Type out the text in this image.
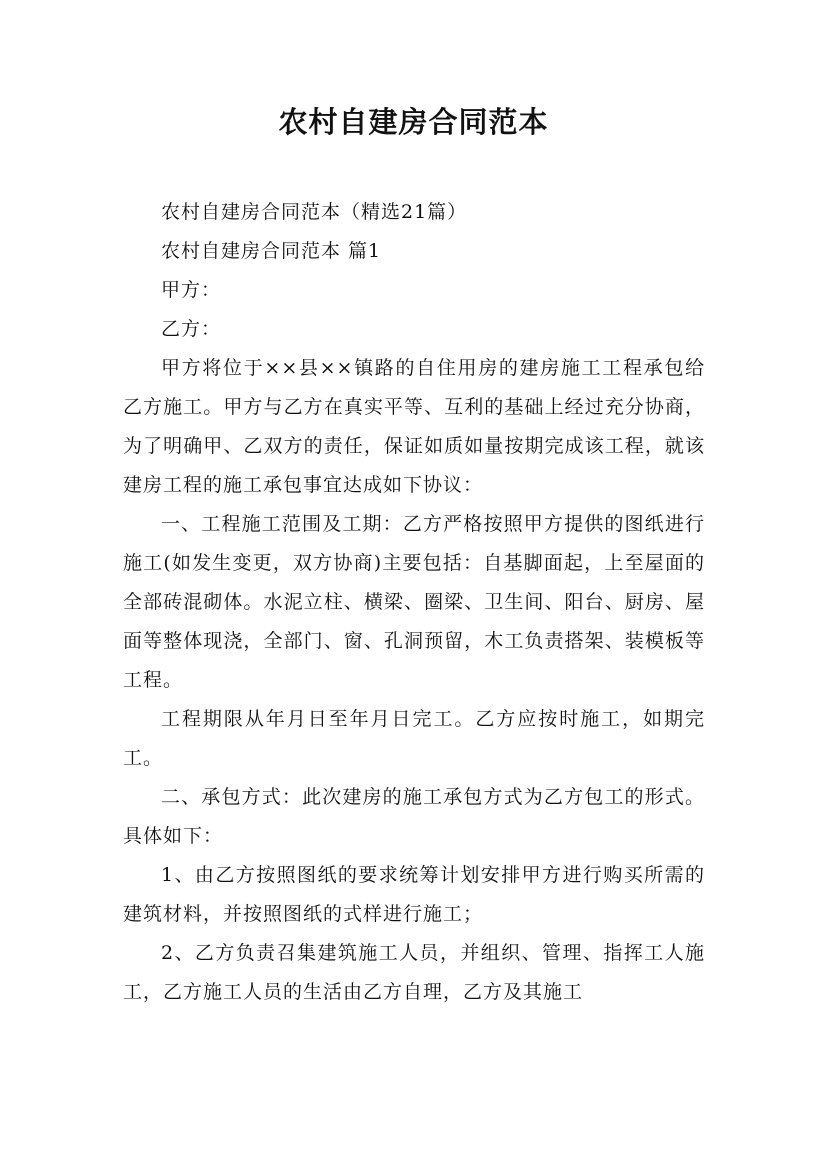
农村自建房合同范本

农村自建房合同范本（精选21篇）

农村自建房合同范本 篇1

甲方：

乙方：

甲方将位于××县××镇路的自住用房的建房施工工程承包给乙方施工。甲方与乙方在真实平等、互利的基础上经过充分协商，为了明确甲、乙双方的责任，保证如质如量按期完成该工程，就该建房工程的施工承包事宜达成如下协议：

一、工程施工范围及工期：乙方严格按照甲方提供的图纸进行施工(如发生变更，双方协商)主要包括：自基脚面起，上至屋面的全部砖混砌体。水泥立柱、横梁、圈梁、卫生间、阳台、厨房、屋面等整体现浇，全部门、窗、孔洞预留，木工负责搭架、装模板等工程。

工程期限从年月日至年月日完工。乙方应按时施工，如期完工。

二、承包方式：此次建房的施工承包方式为乙方包工的形式。具体如下：

1、由乙方按照图纸的要求统筹计划安排甲方进行购买所需的建筑材料，并按照图纸的式样进行施工；

2、乙方负责召集建筑施工人员，并组织、管理、指挥工人施工，乙方施工人员的生活由乙方自理，乙方及其施工
